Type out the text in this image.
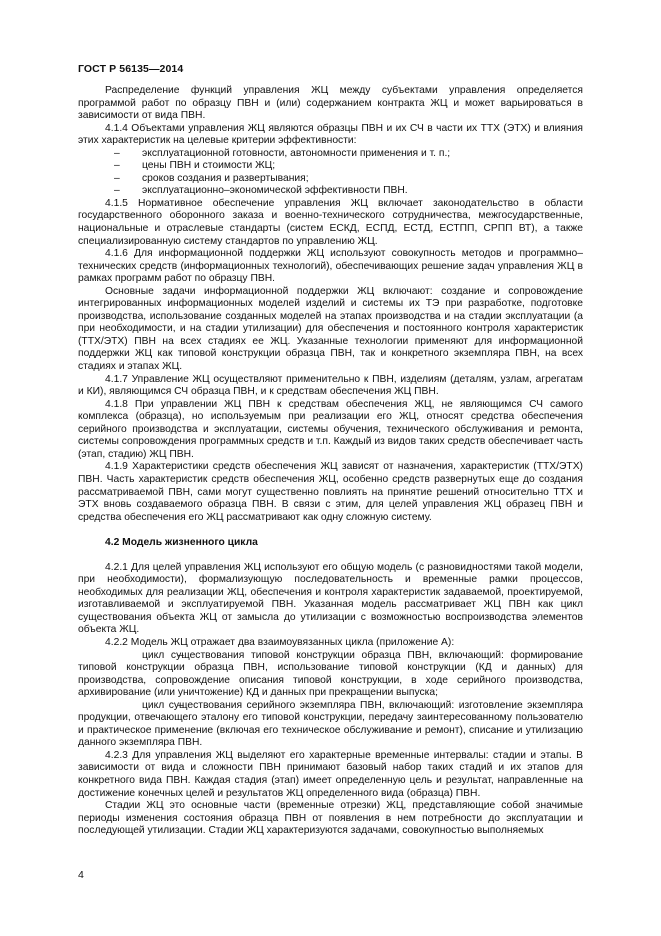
ГОСТ Р 56135—2014

Распределение функций управления ЖЦ между субъектами управления определяется программой работ по образцу ПВН и (или) содержанием контракта ЖЦ и может варьироваться в зависимости от вида ПВН.

4.1.4 Объектами управления ЖЦ являются образцы ПВН и их СЧ в части их ТТХ (ЭТХ) и влияния этих характеристик на целевые критерии эффективности:

– эксплуатационной готовности, автономности применения и т. п.;
– цены ПВН и стоимости ЖЦ;
– сроков создания и развертывания;
– эксплуатационно–экономической эффективности ПВН.

4.1.5 Нормативное обеспечение управления ЖЦ включает законодательство в области государственного оборонного заказа и военно-технического сотрудничества, межгосударственные, национальные и отраслевые стандарты (систем ЕСКД, ЕСПД, ЕСТД, ЕСТПП, СРПП ВТ), а также специализированную систему стандартов по управлению ЖЦ.

4.1.6 Для информационной поддержки ЖЦ используют совокупность методов и программно–технических средств (информационных технологий), обеспечивающих решение задач управления ЖЦ в рамках программ работ по образцу ПВН.

Основные задачи информационной поддержки ЖЦ включают: создание и сопровождение интегрированных информационных моделей изделий и системы их ТЭ при разработке, подготовке производства, использование созданных моделей на этапах производства и на стадии эксплуатации (а при необходимости, и на стадии утилизации) для обеспечения и постоянного контроля характеристик (ТТХ/ЭТХ) ПВН на всех стадиях ее ЖЦ. Указанные технологии применяют для информационной поддержки ЖЦ как типовой конструкции образца ПВН, так и конкретного экземпляра ПВН, на всех стадиях и этапах ЖЦ.

4.1.7 Управление ЖЦ осуществляют применительно к ПВН, изделиям (деталям, узлам, агрегатам и КИ), являющимся СЧ образца ПВН, и к средствам обеспечения ЖЦ ПВН.

4.1.8 При управлении ЖЦ ПВН к средствам обеспечения ЖЦ, не являющимся СЧ самого комплекса (образца), но используемым при реализации его ЖЦ, относят средства обеспечения серийного производства и эксплуатации, системы обучения, технического обслуживания и ремонта, системы сопровождения программных средств и т.п. Каждый из видов таких средств обеспечивает часть (этап, стадию) ЖЦ ПВН.

4.1.9 Характеристики средств обеспечения ЖЦ зависят от назначения, характеристик (ТТХ/ЭТХ) ПВН. Часть характеристик средств обеспечения ЖЦ, особенно средств развернутых еще до создания рассматриваемой ПВН, сами могут существенно повлиять на принятие решений относительно ТТХ и ЭТХ вновь создаваемого образца ПВН. В связи с этим, для целей управления ЖЦ образец ПВН и средства обеспечения его ЖЦ рассматривают как одну сложную систему.

4.2 Модель жизненного цикла

4.2.1 Для целей управления ЖЦ используют его общую модель (с разновидностями такой модели, при необходимости), формализующую последовательность и временные рамки процессов, необходимых для реализации ЖЦ, обеспечения и контроля характеристик задаваемой, проектируемой, изготавливаемой и эксплуатируемой ПВН. Указанная модель рассматривает ЖЦ ПВН как цикл существования объекта ЖЦ от замысла до утилизации с возможностью воспроизводства элементов объекта ЖЦ.

4.2.2 Модель ЖЦ отражает два взаимоувязанных цикла (приложение А):

– цикл существования типовой конструкции образца ПВН, включающий: формирование типовой конструкции образца ПВН, использование типовой конструкции (КД и данных) для производства, сопровождение описания типовой конструкции, в ходе серийного производства, архивирование (или уничтожение) КД и данных при прекращении выпуска;
– цикл существования серийного экземпляра ПВН, включающий: изготовление экземпляра продукции, отвечающего эталону его типовой конструкции, передачу заинтересованному пользователю и практическое применение (включая его техническое обслуживание и ремонт), списание и утилизацию данного экземпляра ПВН.

4.2.3 Для управления ЖЦ выделяют его характерные временные интервалы: стадии и этапы. В зависимости от вида и сложности ПВН принимают базовый набор таких стадий и их этапов для конкретного вида ПВН. Каждая стадия (этап) имеет определенную цель и результат, направленные на достижение конечных целей и результатов ЖЦ определенного вида (образца) ПВН.

Стадии ЖЦ это основные части (временные отрезки) ЖЦ, представляющие собой значимые периоды изменения состояния образца ПВН от появления в нем потребности до эксплуатации и последующей утилизации. Стадии ЖЦ характеризуются задачами, совокупностью выполняемых

4
